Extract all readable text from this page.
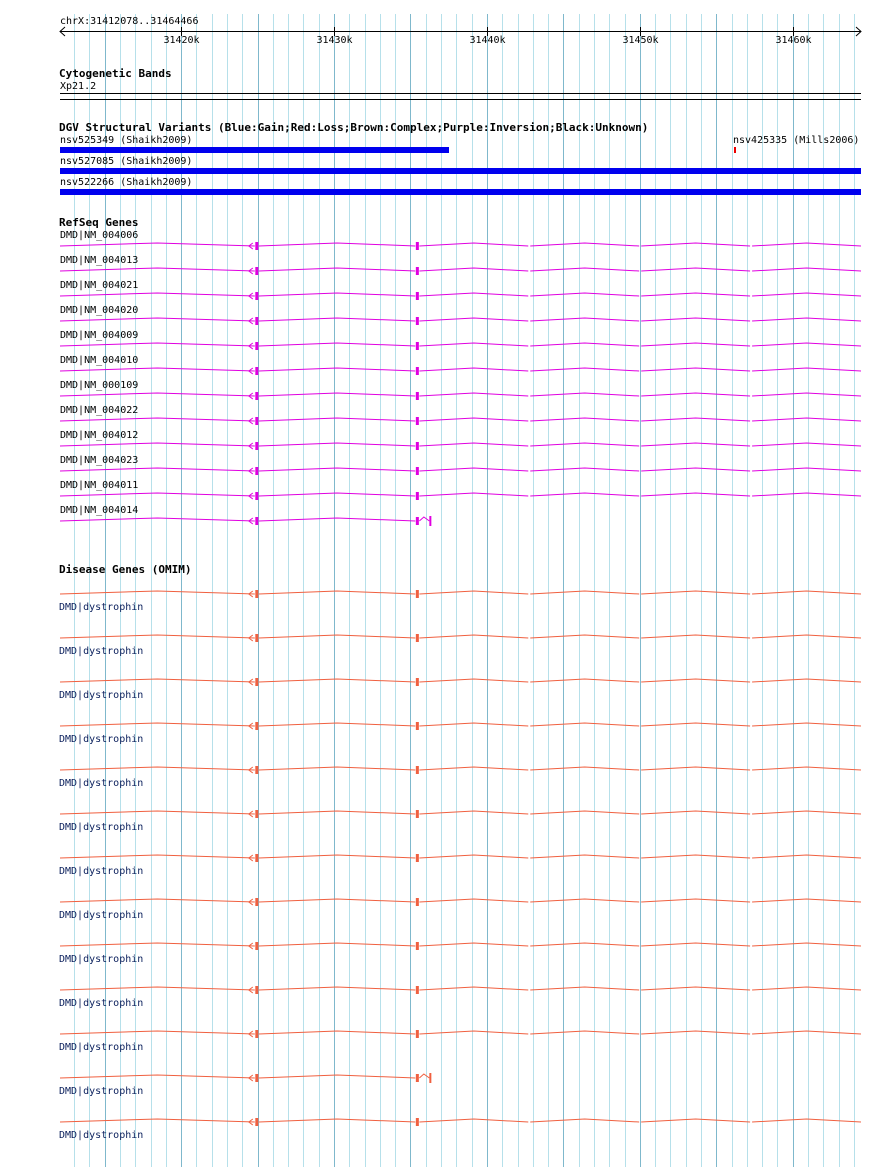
chrX:31412078..31464466
31420k	31430k	31440k	31450k	31460k
Cytogenetic Bands
Xp21.2
DGV Structural Variants (Blue:Gain;Red:Loss;Brown:Complex;Purple:Inversion;Black:Unknown)
nsv525349 (Shaikh2009)	nsv425335 (Mills2006)
nsv527085 (Shaikh2009)
nsv522266 (Shaikh2009)
RefSeq Genes
DMD|NM_004006
DMD|NM_004013
DMD|NM_004021
DMD|NM_004020
DMD|NM_004009
DMD|NM_004010
DMD|NM_000109
DMD|NM_004022
DMD|NM_004012
DMD|NM_004023
DMD|NM_004011
DMD|NM_004014
Disease Genes (OMIM)
DMD|dystrophin
DMD|dystrophin
DMD|dystrophin
DMD|dystrophin
DMD|dystrophin
DMD|dystrophin
DMD|dystrophin
DMD|dystrophin
DMD|dystrophin
DMD|dystrophin
DMD|dystrophin
DMD|dystrophin
DMD|dystrophin
